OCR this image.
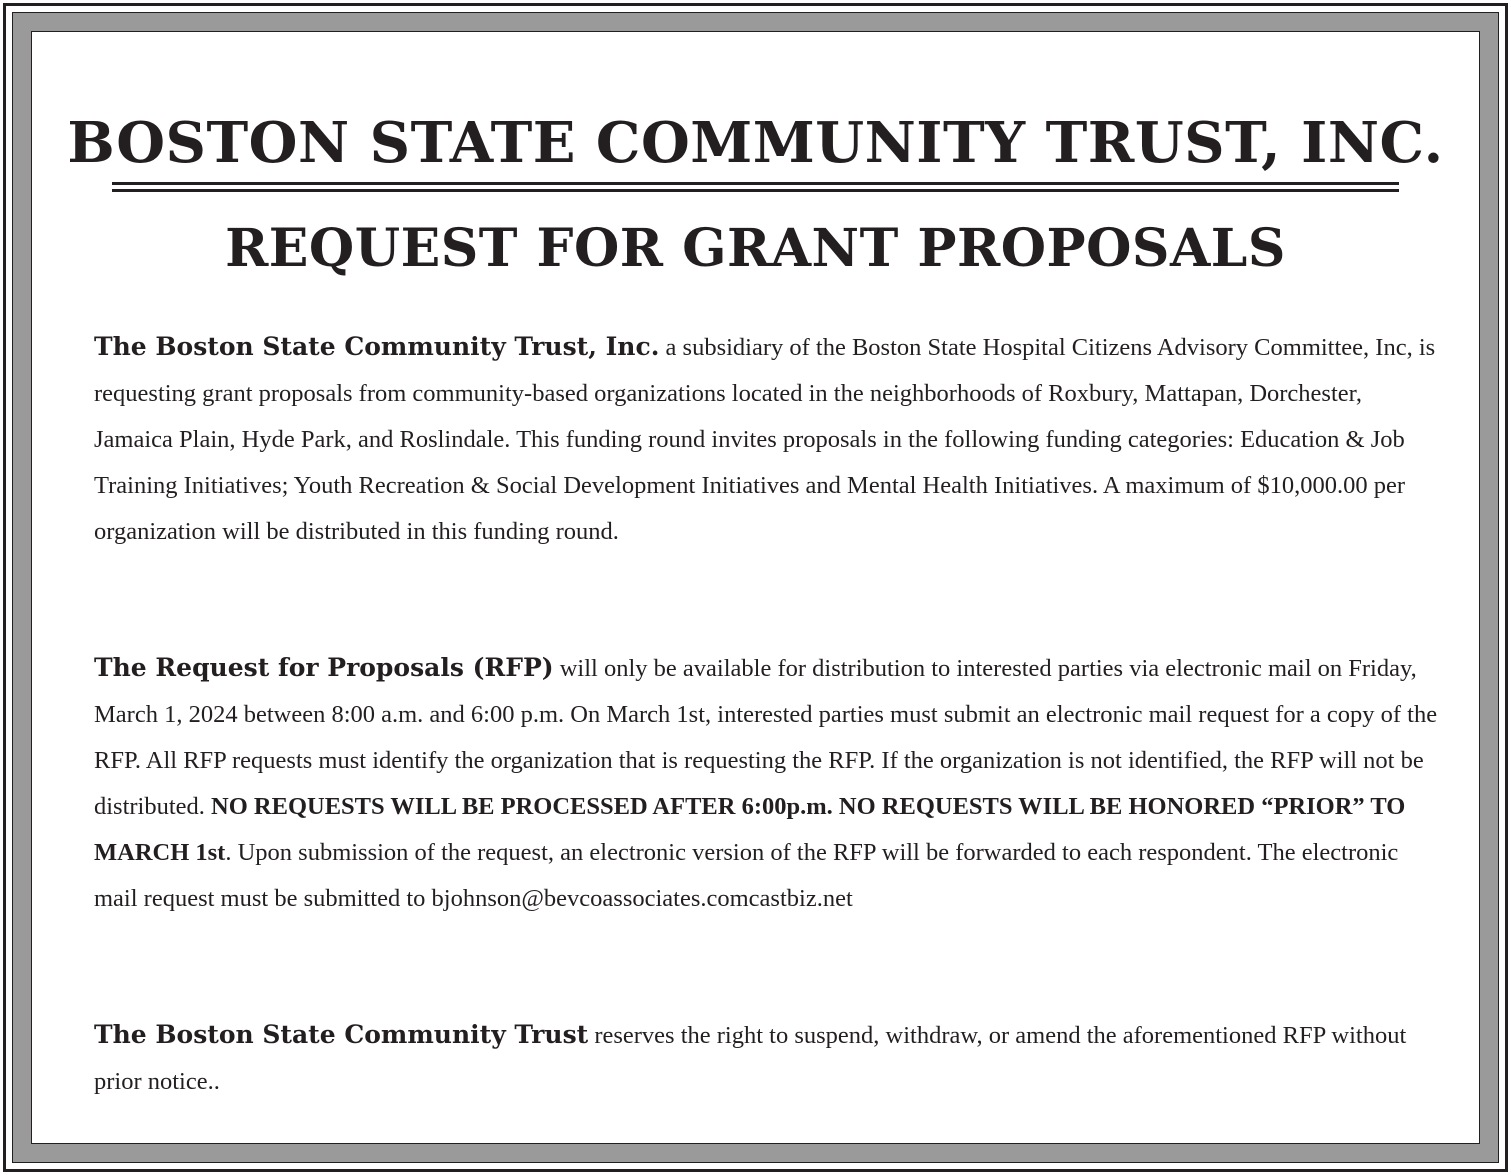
BOSTON STATE COMMUNITY TRUST, INC.
REQUEST FOR GRANT PROPOSALS

The Boston State Community Trust, Inc. a subsidiary of the Boston State Hospital Citizens Advisory Committee, Inc, is requesting grant proposals from community-based organizations located in the neighborhoods of Roxbury, Mattapan, Dorchester, Jamaica Plain, Hyde Park, and Roslindale. This funding round invites proposals in the following funding categories: Education & Job Training Initiatives; Youth Recreation & Social Development Initiatives and Mental Health Initiatives. A maximum of $10,000.00 per organization will be distributed in this funding round.

The Request for Proposals (RFP) will only be available for distribution to interested parties via electronic mail on Friday, March 1, 2024 between 8:00 a.m. and 6:00 p.m. On March 1st, interested parties must submit an electronic mail request for a copy of the RFP. All RFP requests must identify the organization that is requesting the RFP. If the organization is not identified, the RFP will not be distributed. NO REQUESTS WILL BE PROCESSED AFTER 6:00p.m. NO REQUESTS WILL BE HONORED “PRIOR” TO MARCH 1st. Upon submission of the request, an electronic version of the RFP will be forwarded to each respondent. The electronic mail request must be submitted to bjohnson@bevcoassociates.comcastbiz.net

The Boston State Community Trust reserves the right to suspend, withdraw, or amend the aforementioned RFP without prior notice..
